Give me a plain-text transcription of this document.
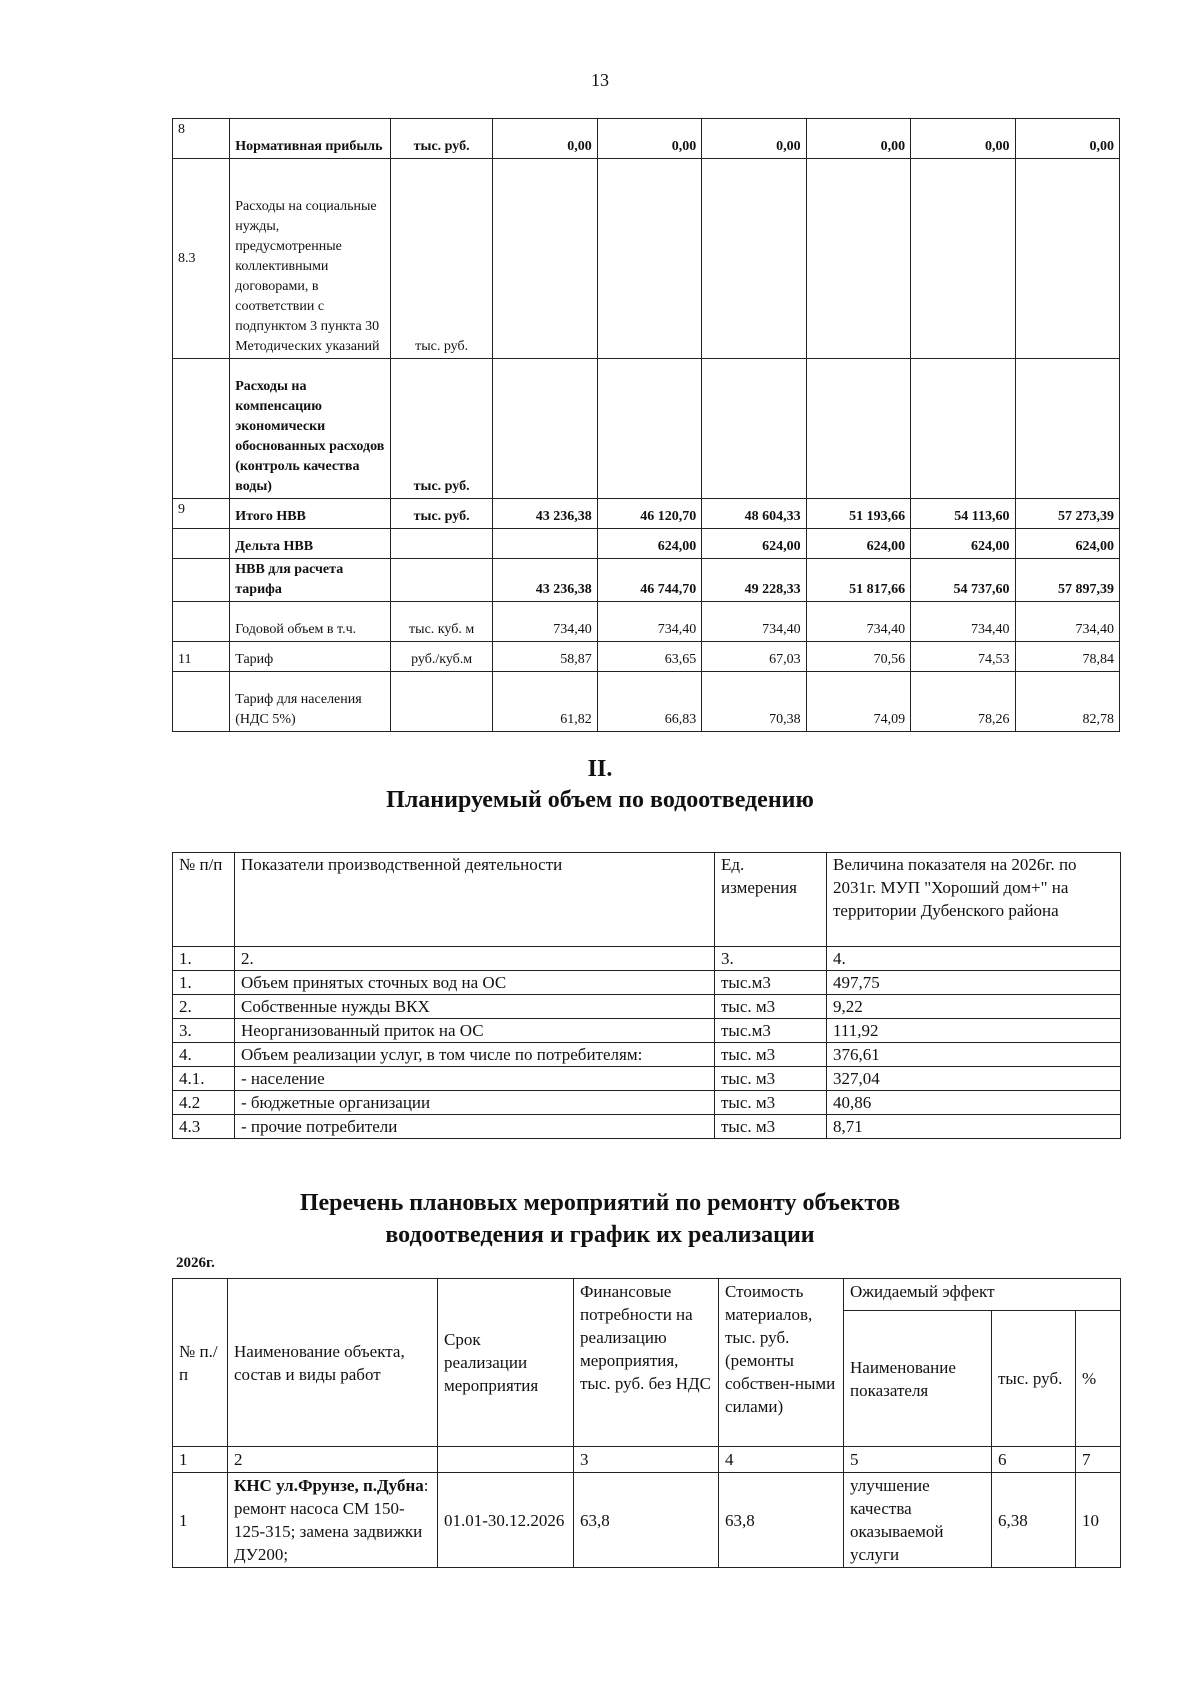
13
8	Нормативная прибыль	тыс. руб.	0,00	0,00	0,00	0,00	0,00	0,00
8.3	Расходы на социальные нужды, предусмотренные коллективными договорами, в соответствии с подпунктом 3 пункта 30 Методических указаний	тыс. руб.						
	Расходы на компенсацию экономически обоснованных расходов (контроль качества воды)	тыс. руб.						
9	Итого НВВ	тыс. руб.	43 236,38	46 120,70	48 604,33	51 193,66	54 113,60	57 273,39
	Дельта НВВ			624,00	624,00	624,00	624,00	624,00
	НВВ для расчета тарифа		43 236,38	46 744,70	49 228,33	51 817,66	54 737,60	57 897,39
	Годовой объем в т.ч.	тыс. куб. м	734,40	734,40	734,40	734,40	734,40	734,40
11	Тариф	руб./куб.м	58,87	63,65	67,03	70,56	74,53	78,84
	Тариф для населения (НДС 5%)		61,82	66,83	70,38	74,09	78,26	82,78
II.
Планируемый объем по водоотведению
№ п/п	Показатели производственной деятельности	Ед. измерения	Величина показателя на 2026г. по 2031г. МУП "Хороший дом+" на территории Дубенского района
1.	2.	3.	4.
1.	Объем принятых сточных вод на ОС	тыс.м3	497,75
2.	Собственные нужды ВКХ	тыс. м3	9,22
3.	Неорганизованный приток на ОС	тыс.м3	111,92
4.	Объем реализации услуг, в том числе по потребителям:	тыс. м3	376,61
4.1.	- население	тыс. м3	327,04
4.2	- бюджетные организации	тыс. м3	40,86
4.3	- прочие потребители	тыс. м3	8,71
Перечень плановых мероприятий по ремонту объектов
водоотведения и график их реализации
2026г.
№ п./п	Наименование объекта, состав и виды работ	Срок реализации мероприятия	Финансовые потребности на реализацию мероприятия, тыс. руб. без НДС	Стоимость материалов, тыс. руб. (ремонты собствен-ными силами)	Ожидаемый эффект		
					Наименование показателя	тыс. руб.	%
1	2		3	4	5	6	7
1	КНС ул.Фрунзе, п.Дубна: ремонт насоса СМ 150-125-315; замена задвижки ДУ200;	01.01-30.12.2026	63,8	63,8	улучшение качества оказываемой услуги	6,38	10
